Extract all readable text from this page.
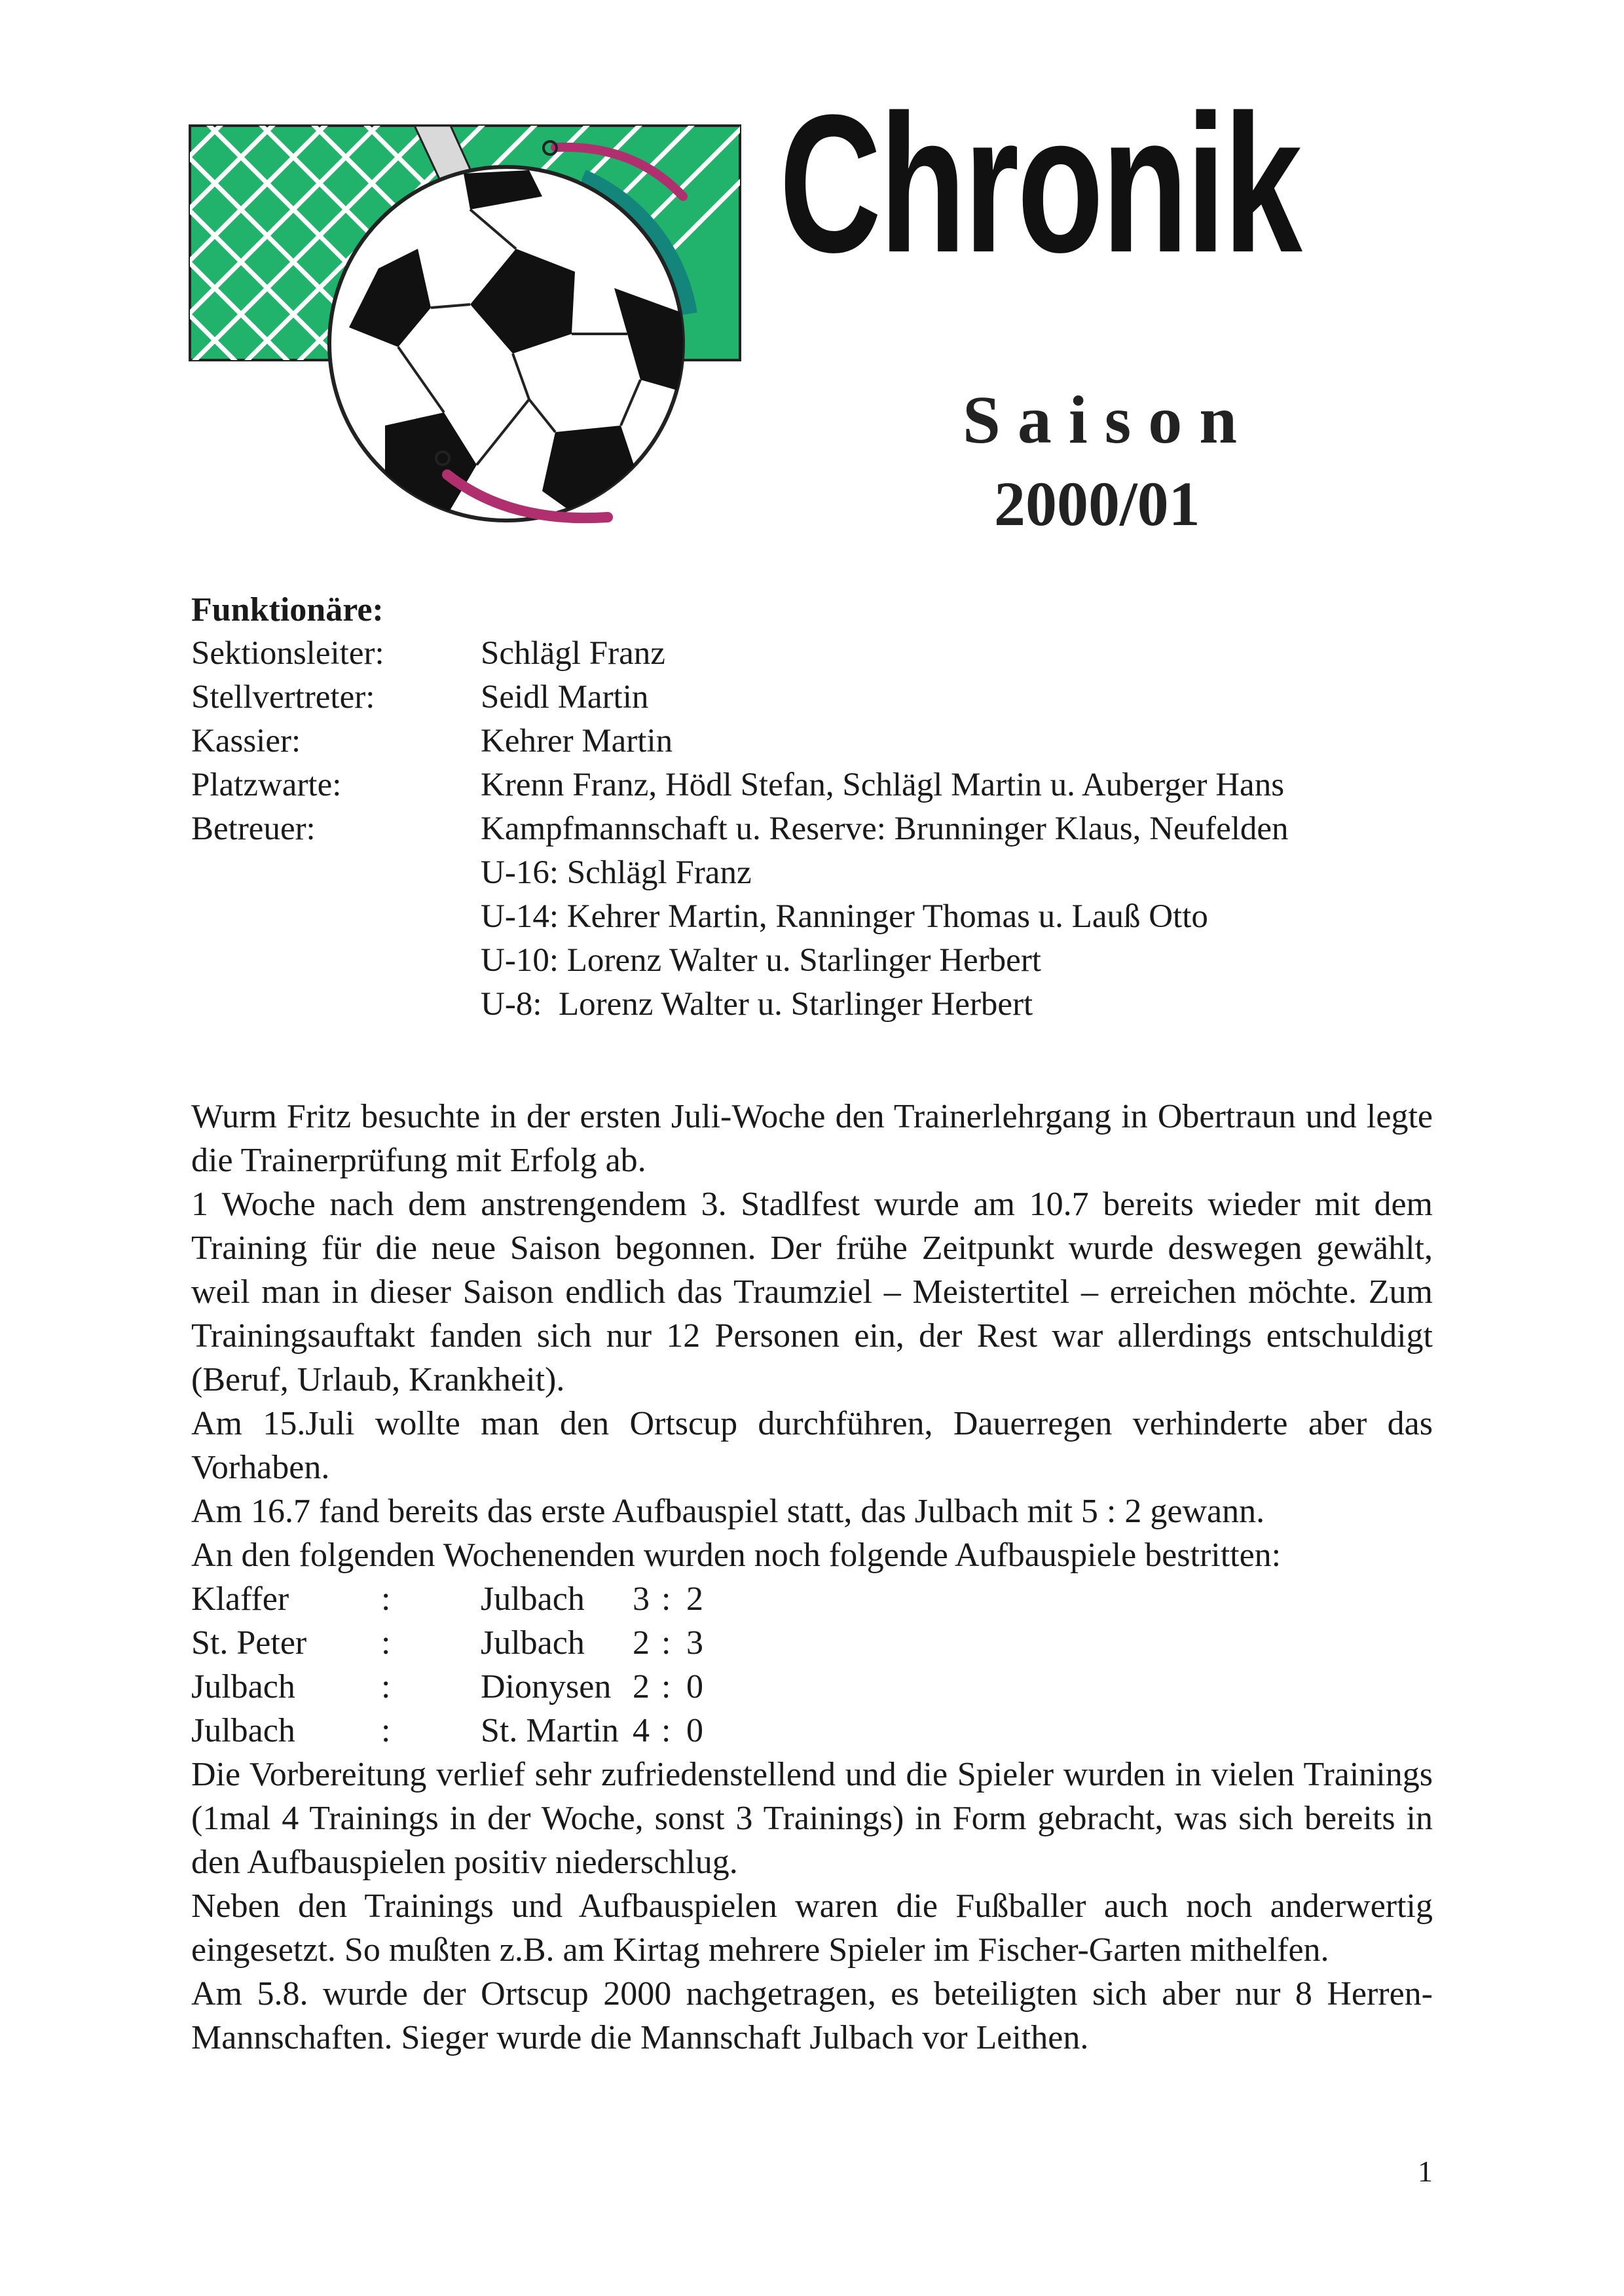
Chronik
Saison
2000/01
Funktionäre:
Sektionsleiter:	Schlägl Franz
Stellvertreter:	Seidl Martin
Kassier:	Kehrer Martin
Platzwarte:	Krenn Franz, Hödl Stefan, Schlägl Martin u. Auberger Hans
Betreuer:	Kampfmannschaft u. Reserve: Brunninger Klaus, Neufelden
U-16: Schlägl Franz
U-14: Kehrer Martin, Ranninger Thomas u. Lauß Otto
U-10: Lorenz Walter u. Starlinger Herbert
U-8:  Lorenz Walter u. Starlinger Herbert

Wurm Fritz besuchte in der ersten Juli-Woche den Trainerlehrgang in Obertraun und legte die Trainerprüfung mit Erfolg ab.

1 Woche nach dem anstrengendem 3. Stadlfest wurde am 10.7 bereits wieder mit dem Training für die neue Saison begonnen. Der frühe Zeitpunkt wurde deswegen gewählt, weil man in dieser Saison endlich das Traumziel – Meistertitel – erreichen möchte. Zum Trainingsauftakt fanden sich nur 12 Personen ein, der Rest war allerdings entschuldigt (Beruf, Urlaub, Krankheit).

Am 15.Juli wollte man den Ortscup durchführen, Dauerregen verhinderte aber das Vorhaben.

Am 16.7 fand bereits das erste Aufbauspiel statt, das Julbach mit 5 : 2 gewann.

An den folgenden Wochenenden wurden noch folgende Aufbauspiele bestritten:

Klaffer	:	Julbach	3 : 2
St. Peter	:	Julbach	2 : 3
Julbach	:	Dionysen 2 : 0
Julbach	:	St. Martin 4 : 0

Die Vorbereitung verlief sehr zufriedenstellend und die Spieler wurden in vielen Trainings (1mal 4 Trainings in der Woche, sonst 3 Trainings) in Form gebracht, was sich bereits in den Aufbauspielen positiv niederschlug.

Neben den Trainings und Aufbauspielen waren die Fußballer auch noch anderwertig eingesetzt. So mußten z.B. am Kirtag mehrere Spieler im Fischer-Garten mithelfen.

Am 5.8. wurde der Ortscup 2000 nachgetragen, es beteiligten sich aber nur 8 Herren-Mannschaften. Sieger wurde die Mannschaft Julbach vor Leithen.

1
